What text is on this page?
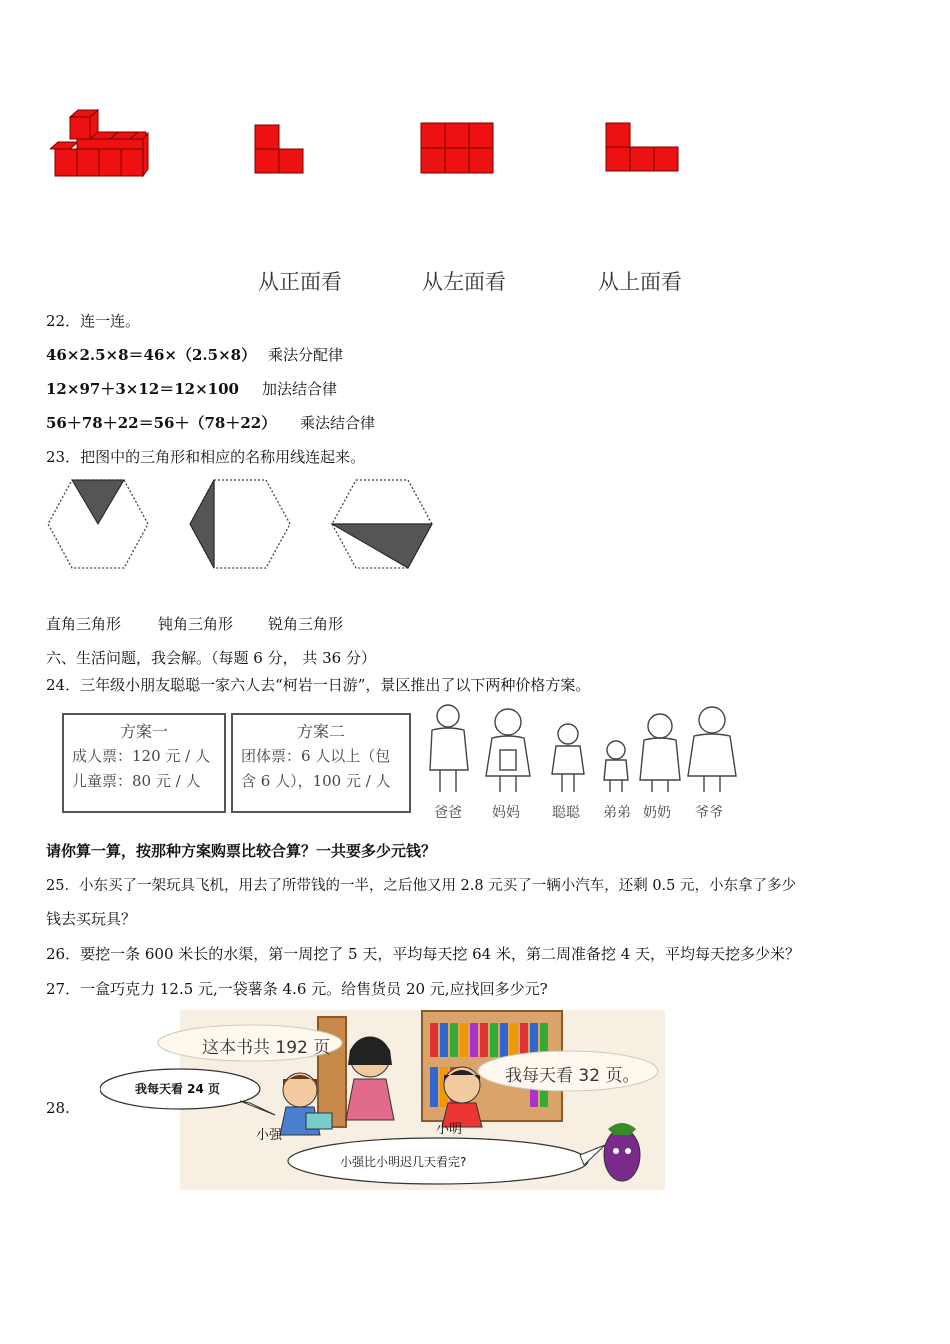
从正面看	从左面看	从上面看
22．连一连。
46×2.5×8＝46×（2.5×8） 乘法分配律
12×97＋3×12＝12×100 加法结合律
56＋78＋22＝56＋（78＋22） 乘法结合律
23．把图中的三角形和相应的名称用线连起来。
直角三角形 钝角三角形 锐角三角形
六、生活问题，我会解。（每题 6 分， 共 36 分）
24．三年级小朋友聪聪一家六人去“柯岩一日游”，景区推出了以下两种价格方案。
方案一
成人票：120 元 / 人
儿童票：80 元 / 人
方案二
团体票：6 人以上（包
含 6 人），100 元 / 人
爸爸 妈妈 聪聪 弟弟 奶奶 爷爷
请你算一算，按那种方案购票比较合算？一共要多少元钱？
25．小东买了一架玩具飞机，用去了所带钱的一半，之后他又用 2.8 元买了一辆小汽车，还剩 0.5 元，小东拿了多少
钱去买玩具？
26．要挖一条 600 米长的水渠，第一周挖了 5 天，平均每天挖 64 米，第二周准备挖 4 天，平均每天挖多少米？
27．一盒巧克力 12.5 元,一袋薯条 4.6 元。给售货员 20 元,应找回多少元?
28.
这本书共 192 页
我每天看 24 页
我每天看 32 页。
小强	小明
小强比小明迟几天看完?
